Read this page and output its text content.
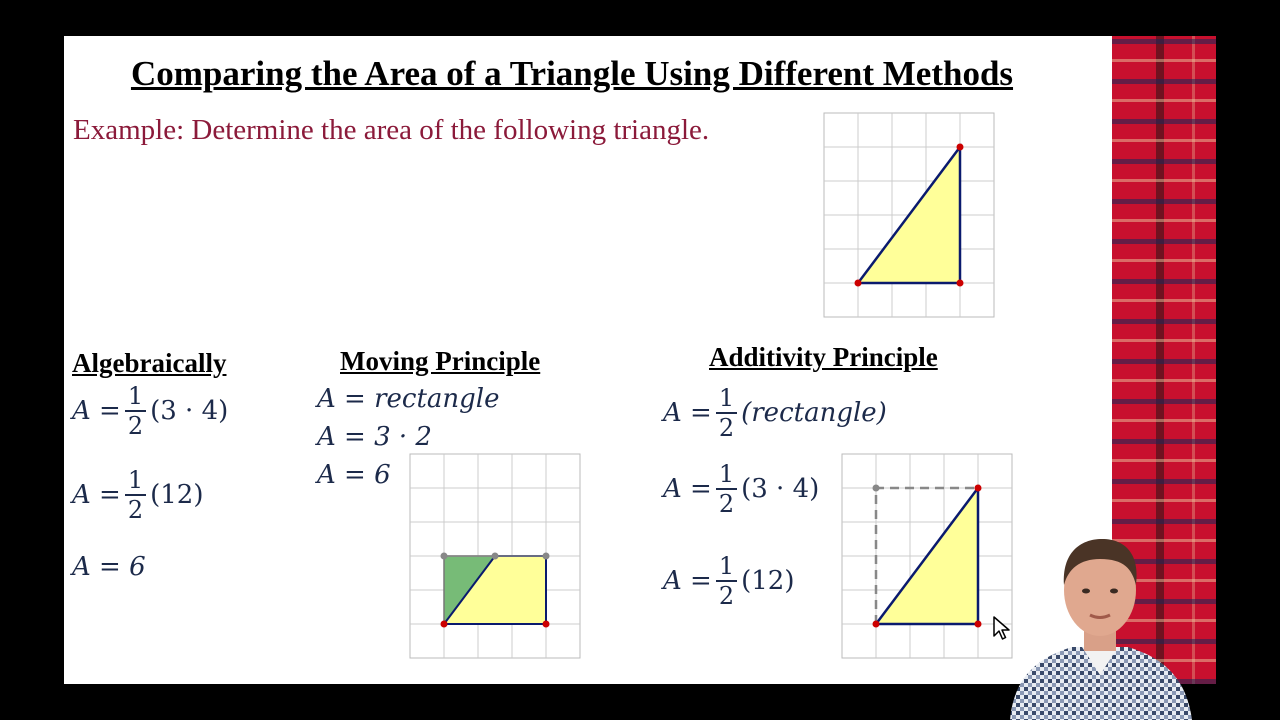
Comparing the Area of a Triangle Using Different Methods
Example: Determine the area of the following triangle.
Algebraically
$A = \frac{1}{2} (3 \cdot 4)$
$A = \frac{1}{2} (12)$
A = 6
Moving Principle
A = rectangle
A = 3 · 2
A = 6
Additivity Principle
$A = \frac{1}{2}$ (rectangle)
$A = \frac{1}{2} (3 \cdot 4)$
$A = \frac{1}{2} (12)$
